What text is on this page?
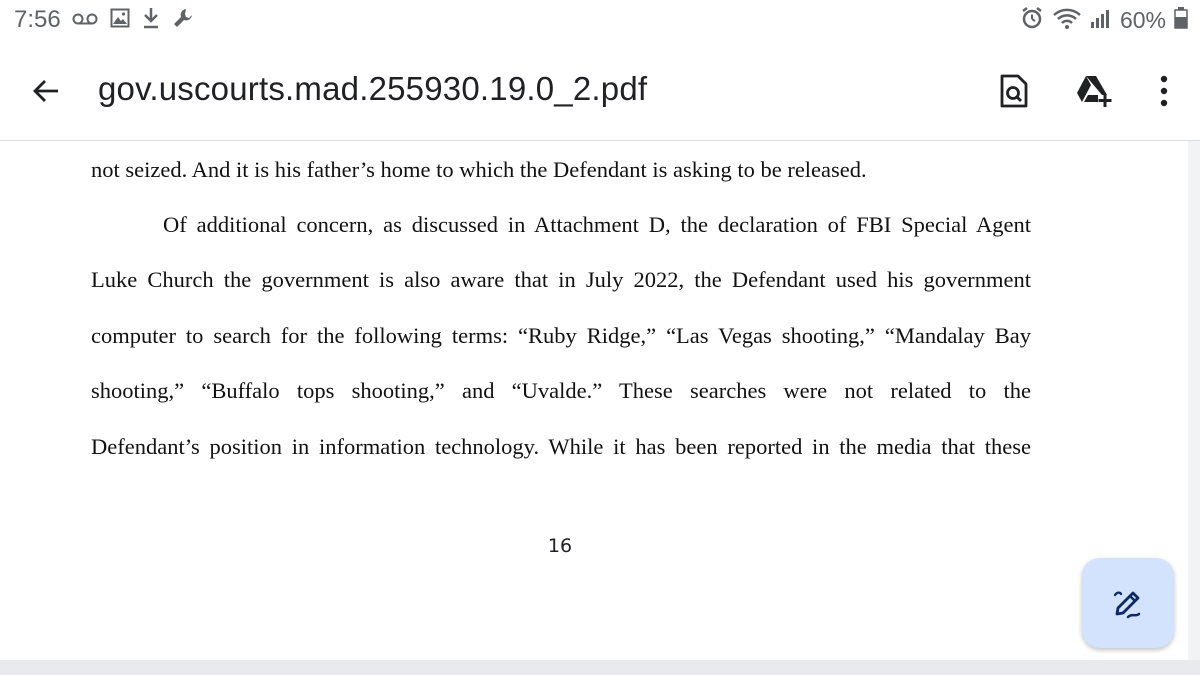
7:56	60%
gov.uscourts.mad.255930.19.0_2.pdf
not seized. And it is his father’s home to which the Defendant is asking to be released.
Of additional concern, as discussed in Attachment D, the declaration of FBI Special Agent
Luke Church the government is also aware that in July 2022, the Defendant used his government
computer to search for the following terms: “Ruby Ridge,” “Las Vegas shooting,” “Mandalay Bay
shooting,” “Buffalo tops shooting,” and “Uvalde.” These searches were not related to the
Defendant’s position in information technology. While it has been reported in the media that these
16
